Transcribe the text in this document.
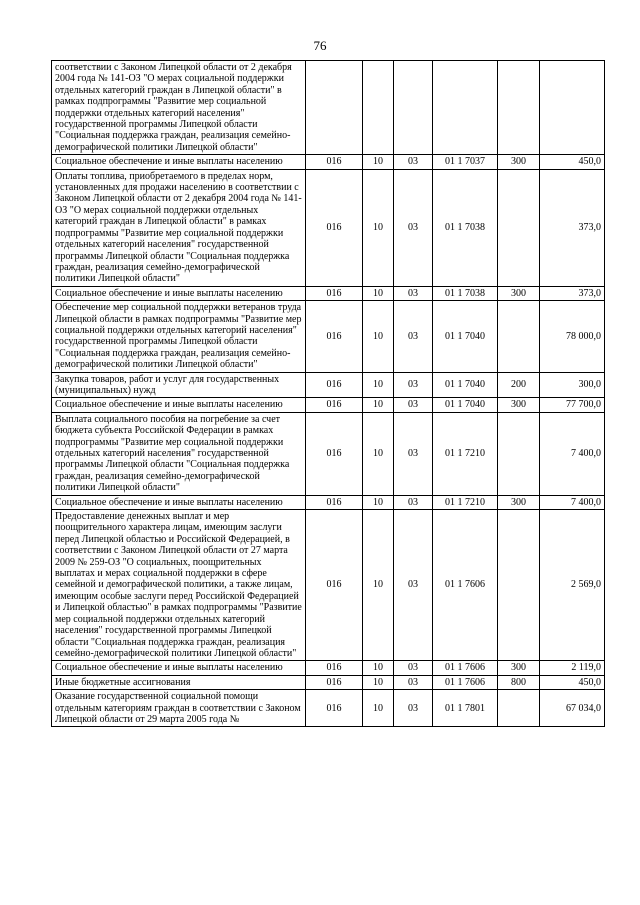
76
соответствии с Законом Липецкой области от 2 декабря 2004 года № 141-ОЗ "О мерах социальной поддержки отдельных категорий граждан в Липецкой области" в рамках подпрограммы "Развитие мер социальной поддержки отдельных категорий населения" государственной программы Липецкой области "Социальная поддержка граждан, реализация семейно-демографической политики Липецкой области"						
Социальное обеспечение и иные выплаты населению	016	10	03	01 1 7037	300	450,0
Оплаты топлива, приобретаемого в пределах норм, установленных для продажи населению в соответствии с Законом Липецкой области от 2 декабря 2004 года № 141-ОЗ "О мерах социальной поддержки отдельных категорий граждан в Липецкой области" в рамках подпрограммы "Развитие мер социальной поддержки отдельных категорий населения" государственной программы Липецкой области "Социальная поддержка граждан, реализация семейно-демографической политики Липецкой области"	016	10	03	01 1 7038		373,0
Социальное обеспечение и иные выплаты населению	016	10	03	01 1 7038	300	373,0
Обеспечение мер социальной поддержки ветеранов труда Липецкой области в рамках подпрограммы "Развитие мер социальной поддержки отдельных категорий населения" государственной программы Липецкой области "Социальная поддержка граждан, реализация семейно-демографической политики Липецкой области"	016	10	03	01 1 7040		78 000,0
Закупка товаров, работ и услуг для государственных (муниципальных) нужд	016	10	03	01 1 7040	200	300,0
Социальное обеспечение и иные выплаты населению	016	10	03	01 1 7040	300	77 700,0
Выплата социального пособия на погребение за счет бюджета субъекта Российской Федерации в рамках подпрограммы "Развитие мер социальной поддержки отдельных категорий населения" государственной программы Липецкой области "Социальная поддержка граждан, реализация семейно-демографической политики Липецкой области"	016	10	03	01 1 7210		7 400,0
Социальное обеспечение и иные выплаты населению	016	10	03	01 1 7210	300	7 400,0
Предоставление денежных выплат и мер поощрительного характера лицам, имеющим заслуги перед Липецкой областью и Российской Федерацией, в соответствии с Законом Липецкой области от 27 марта 2009 № 259-ОЗ "О социальных, поощрительных выплатах и мерах социальной поддержки в сфере семейной и демографической политики, а также лицам, имеющим особые заслуги перед Российской Федерацией и Липецкой областью" в рамках подпрограммы "Развитие мер социальной поддержки отдельных категорий населения" государственной программы Липецкой области "Социальная поддержка граждан, реализация семейно-демографической политики Липецкой области"	016	10	03	01 1 7606		2 569,0
Социальное обеспечение и иные выплаты населению	016	10	03	01 1 7606	300	2 119,0
Иные бюджетные ассигнования	016	10	03	01 1 7606	800	450,0
Оказание государственной социальной помощи отдельным категориям граждан в соответствии с Законом Липецкой области от 29 марта 2005 года №	016	10	03	01 1 7801		67 034,0
